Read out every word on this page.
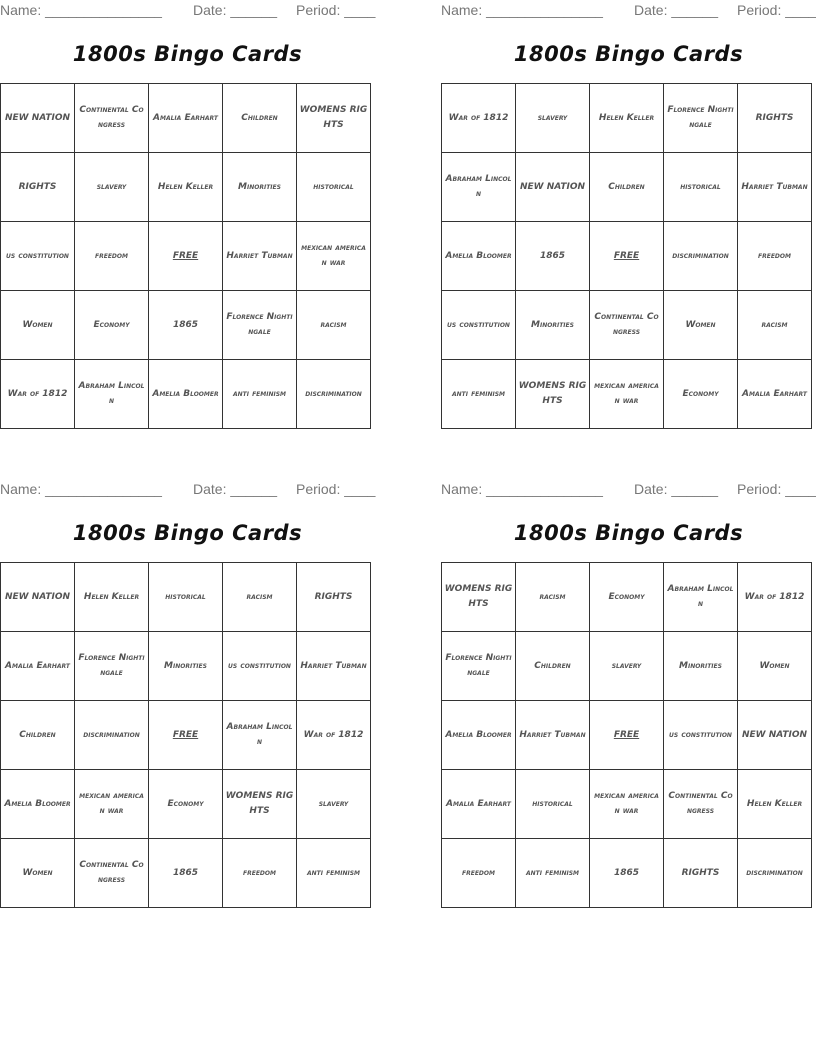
Name: _______________ Date: ______ Period: ____
1800s Bingo Cards
NEW NATION	Continental Congress	Amalia Earhart	Children	WOMENS RIGHTS
RIGHTS	slavery	Helen Keller	Minorities	historical
us constitution	freedom	FREE	Harriet Tubman	mexican american war
Women	Economy	1865	Florence Nightingale	racism
War of 1812	Abraham Lincoln	Amelia Bloomer	anti feminism	discrimination
Name: _______________ Date: ______ Period: ____
1800s Bingo Cards
War of 1812	slavery	Helen Keller	Florence Nightingale	RIGHTS
Abraham Lincoln	NEW NATION	Children	historical	Harriet Tubman
Amelia Bloomer	1865	FREE	discrimination	freedom
us constitution	Minorities	Continental Congress	Women	racism
anti feminism	WOMENS RIGHTS	mexican american war	Economy	Amalia Earhart
Name: _______________ Date: ______ Period: ____
1800s Bingo Cards
NEW NATION	Helen Keller	historical	racism	RIGHTS
Amalia Earhart	Florence Nightingale	Minorities	us constitution	Harriet Tubman
Children	discrimination	FREE	Abraham Lincoln	War of 1812
Amelia Bloomer	mexican american war	Economy	WOMENS RIGHTS	slavery
Women	Continental Congress	1865	freedom	anti feminism
Name: _______________ Date: ______ Period: ____
1800s Bingo Cards
WOMENS RIGHTS	racism	Economy	Abraham Lincoln	War of 1812
Florence Nightingale	Children	slavery	Minorities	Women
Amelia Bloomer	Harriet Tubman	FREE	us constitution	NEW NATION
Amalia Earhart	historical	mexican american war	Continental Congress	Helen Keller
freedom	anti feminism	1865	RIGHTS	discrimination
